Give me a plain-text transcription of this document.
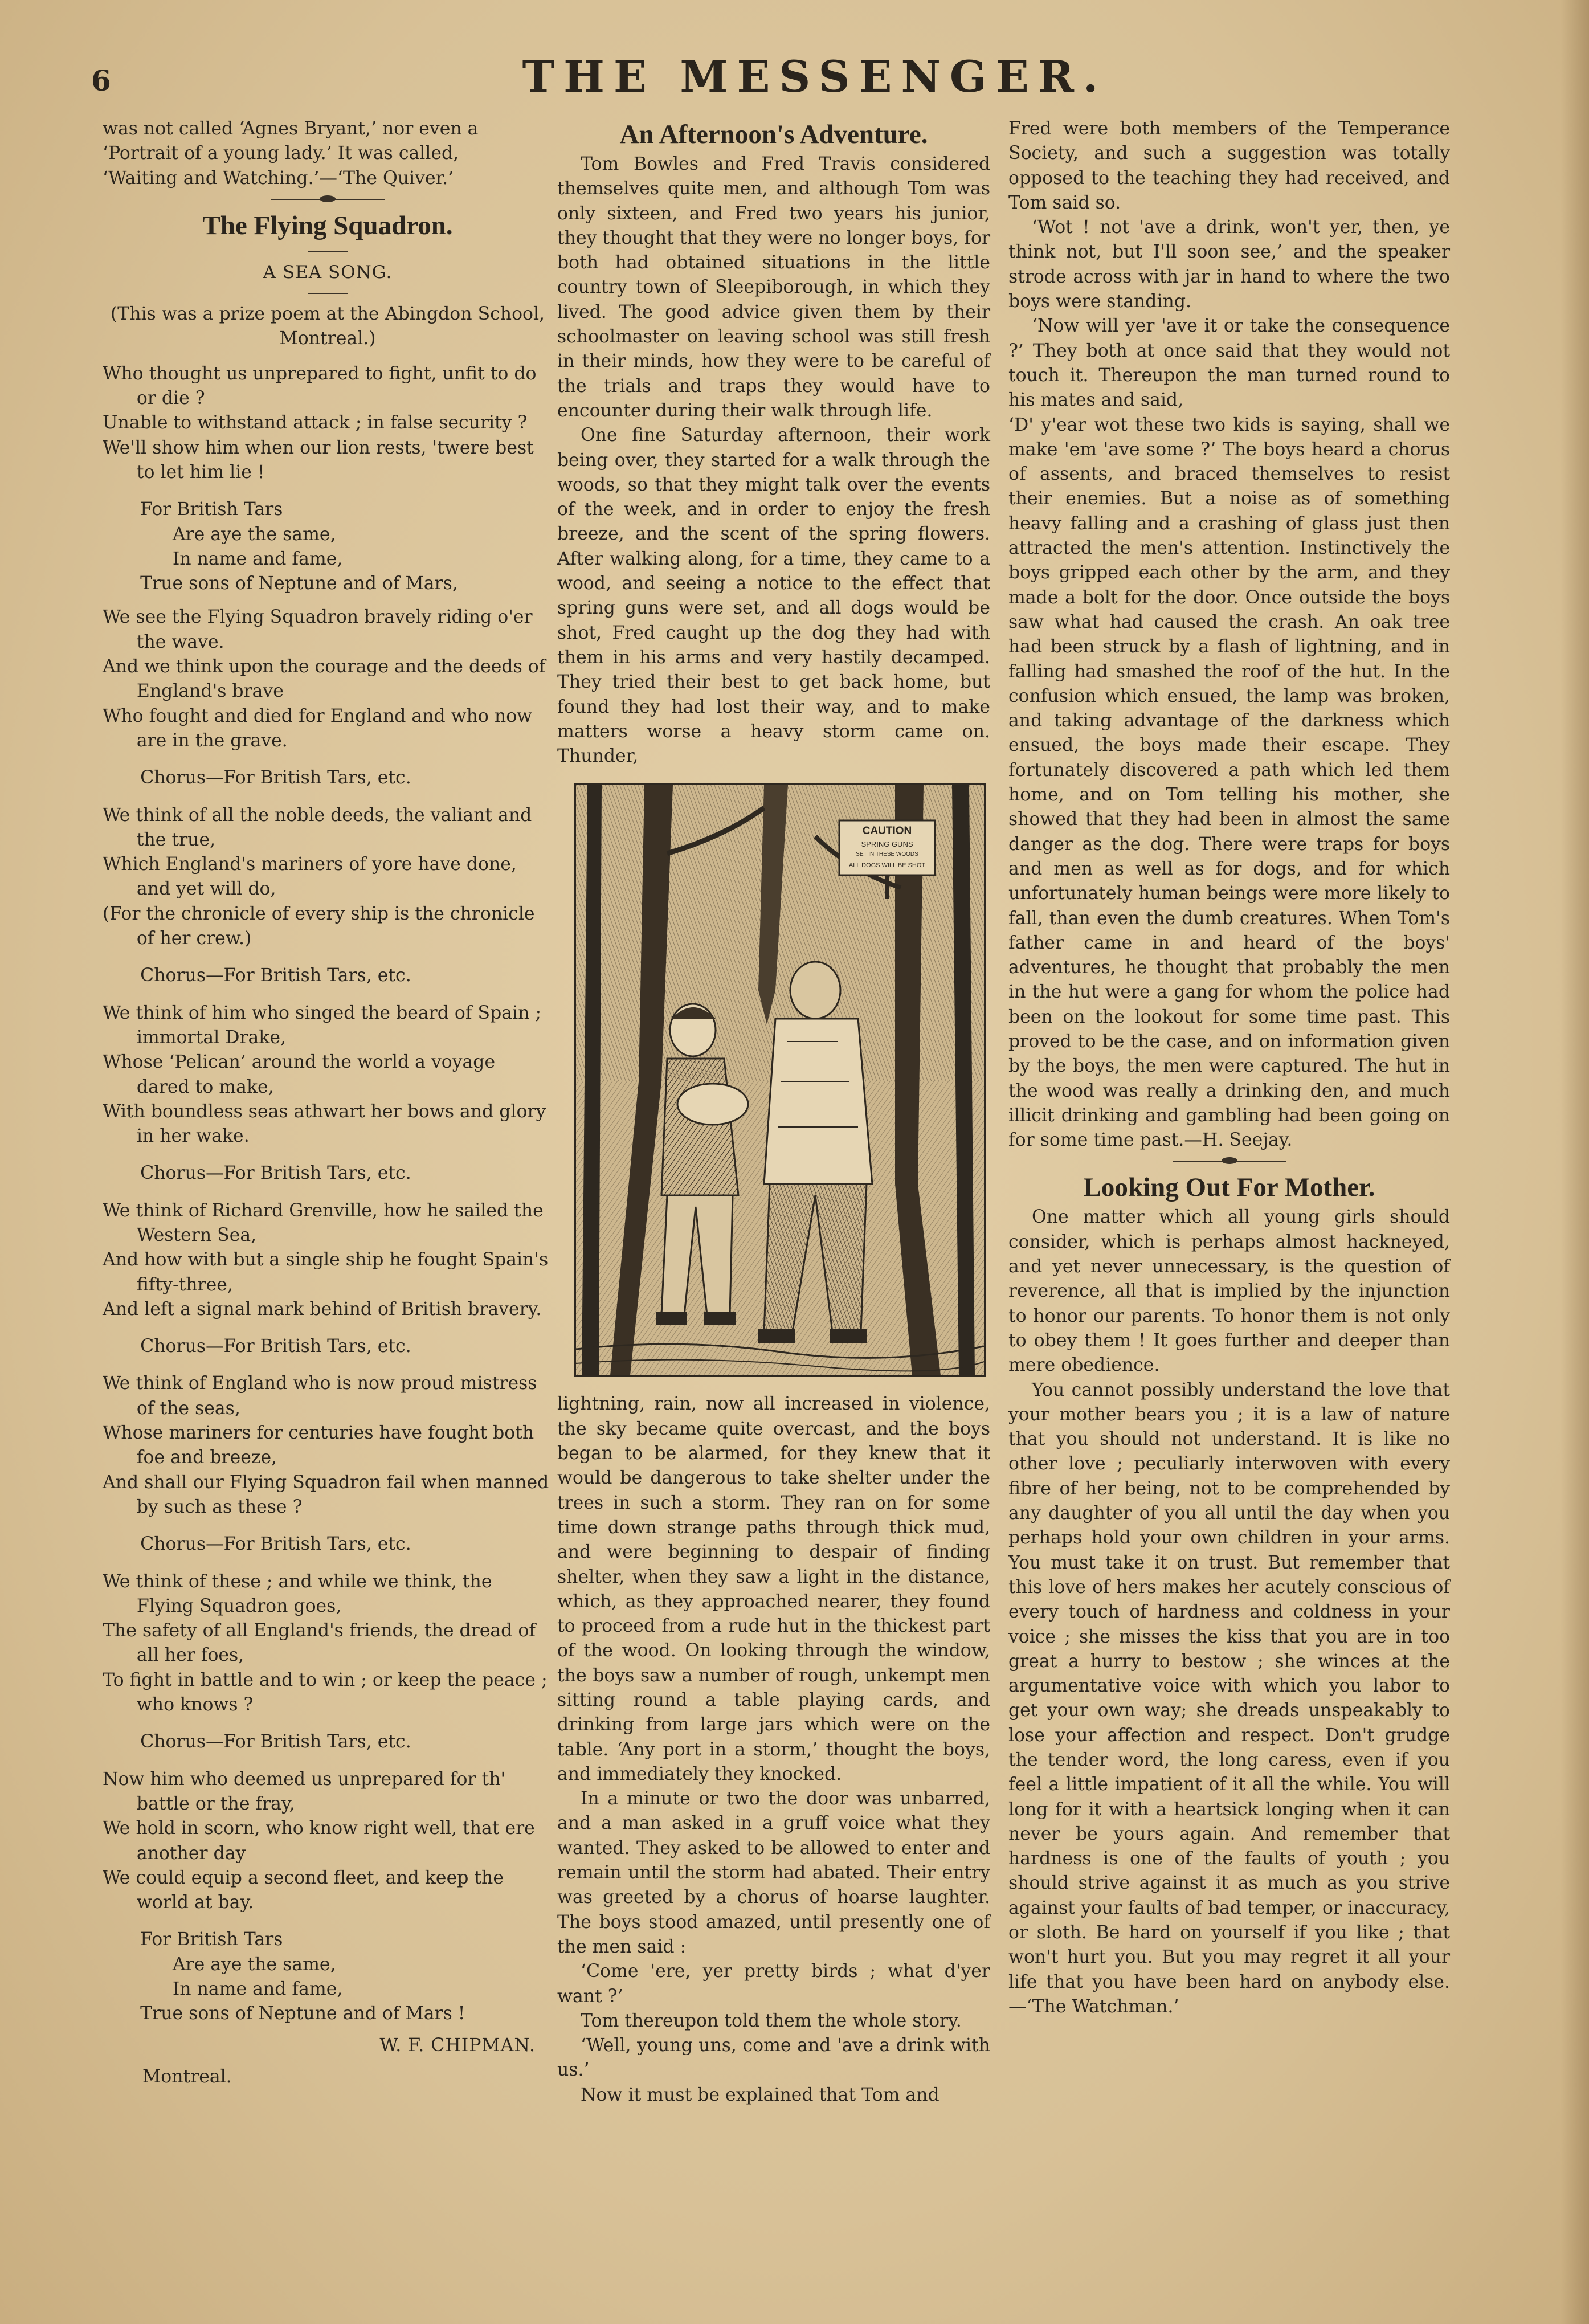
6	THE MESSENGER.

was not called ‘Agnes Bryant,’ nor even a

‘Portrait of a young lady.’ It was called,

‘Waiting and Watching.’—‘The Quiver.’

The Flying Squadron.
A SEA SONG.
(This was a prize poem at the Abingdon School, Montreal.)
Who thought us unprepared to fight, unfit to do or die ?
Unable to withstand attack ; in false security ?
We'll show him when our lion rests, 'twere best to let him lie !
For British Tars
Are aye the same,
In name and fame,
True sons of Neptune and of Mars,
We see the Flying Squadron bravely riding o'er the wave.
And we think upon the courage and the deeds of England's brave
Who fought and died for England and who now are in the grave.
Chorus—For British Tars, etc.
We think of all the noble deeds, the valiant and the true,
Which England's mariners of yore have done, and yet will do,
(For the chronicle of every ship is the chronicle of her crew.)
Chorus—For British Tars, etc.
We think of him who singed the beard of Spain ; immortal Drake,
Whose ‘Pelican’ around the world a voyage dared to make,
With boundless seas athwart her bows and glory in her wake.
Chorus—For British Tars, etc.
We think of Richard Grenville, how he sailed the Western Sea,
And how with but a single ship he fought Spain's fifty-three,
And left a signal mark behind of British bravery.
Chorus—For British Tars, etc.
We think of England who is now proud mistress of the seas,
Whose mariners for centuries have fought both foe and breeze,
And shall our Flying Squadron fail when manned by such as these ?
Chorus—For British Tars, etc.
We think of these ; and while we think, the Flying Squadron goes,
The safety of all England's friends, the dread of all her foes,
To fight in battle and to win ; or keep the peace ; who knows ?
Chorus—For British Tars, etc.
Now him who deemed us unprepared for th' battle or the fray,
We hold in scorn, who know right well, that ere another day
We could equip a second fleet, and keep the world at bay.
For British Tars
Are aye the same,
In name and fame,
True sons of Neptune and of Mars !
W. F. CHIPMAN.
Montreal.
An Afternoon's Adventure.

Tom Bowles and Fred Travis considered themselves quite men, and although Tom was only sixteen, and Fred two years his junior, they thought that they were no longer boys, for both had obtained situations in the little country town of Sleepiborough, in which they lived. The good advice given them by their schoolmaster on leaving school was still fresh in their minds, how they were to be careful of the trials and traps they would have to encounter during their walk through life.

One fine Saturday afternoon, their work being over, they started for a walk through the woods, so that they might talk over the events of the week, and in order to enjoy the fresh breeze, and the scent of the spring flowers. After walking along, for a time, they came to a wood, and seeing a notice to the effect that spring guns were set, and all dogs would be shot, Fred caught up the dog they had with them in his arms and very hastily decamped. They tried their best to get back home, but found they had lost their way, and to make matters worse a heavy storm came on. Thunder,

CAUTION
SPRING GUNS
SET IN THESE WOODS
ALL DOGS WILL BE SHOT

lightning, rain, now all increased in violence, the sky became quite overcast, and the boys began to be alarmed, for they knew that it would be dangerous to take shelter under the trees in such a storm. They ran on for some time down strange paths through thick mud, and were beginning to despair of finding shelter, when they saw a light in the distance, which, as they approached nearer, they found to proceed from a rude hut in the thickest part of the wood. On looking through the window, the boys saw a number of rough, unkempt men sitting round a table playing cards, and drinking from large jars which were on the table. ‘Any port in a storm,’ thought the boys, and immediately they knocked.

In a minute or two the door was unbarred, and a man asked in a gruff voice what they wanted. They asked to be allowed to enter and remain until the storm had abated. Their entry was greeted by a chorus of hoarse laughter. The boys stood amazed, until presently one of the men said :

‘Come 'ere, yer pretty birds ; what d'yer want ?’

Tom thereupon told them the whole story.

‘Well, young uns, come and 'ave a drink with us.’

Now it must be explained that Tom and

Fred were both members of the Temperance Society, and such a suggestion was totally opposed to the teaching they had received, and Tom said so.

‘Wot ! not 'ave a drink, won't yer, then, ye think not, but I'll soon see,’ and the speaker strode across with jar in hand to where the two boys were standing.

‘Now will yer 'ave it or take the consequence ?’ They both at once said that they would not touch it. Thereupon the man turned round to his mates and said,

‘D' y'ear wot these two kids is saying, shall we make 'em 'ave some ?’ The boys heard a chorus of assents, and braced themselves to resist their enemies. But a noise as of something heavy falling and a crashing of glass just then attracted the men's attention. Instinctively the boys gripped each other by the arm, and they made a bolt for the door. Once outside the boys saw what had caused the crash. An oak tree had been struck by a flash of lightning, and in falling had smashed the roof of the hut. In the confusion which ensued, the lamp was broken, and taking advantage of the darkness which ensued, the boys made their escape. They fortunately discovered a path which led them home, and on Tom telling his mother, she showed that they had been in almost the same danger as the dog. There were traps for boys and men as well as for dogs, and for which unfortunately human beings were more likely to fall, than even the dumb creatures. When Tom's father came in and heard of the boys' adventures, he thought that probably the men in the hut were a gang for whom the police had been on the lookout for some time past. This proved to be the case, and on information given by the boys, the men were captured. The hut in the wood was really a drinking den, and much illicit drinking and gambling had been going on for some time past.—H. Seejay.

Looking Out For Mother.

One matter which all young girls should consider, which is perhaps almost hackneyed, and yet never unnecessary, is the question of reverence, all that is implied by the injunction to honor our parents. To honor them is not only to obey them ! It goes further and deeper than mere obedience.

You cannot possibly understand the love that your mother bears you ; it is a law of nature that you should not understand. It is like no other love ; peculiarly interwoven with every fibre of her being, not to be comprehended by any daughter of you all until the day when you perhaps hold your own children in your arms. You must take it on trust. But remember that this love of hers makes her acutely conscious of every touch of hardness and coldness in your voice ; she misses the kiss that you are in too great a hurry to bestow ; she winces at the argumentative voice with which you labor to get your own way; she dreads unspeakably to lose your affection and respect. Don't grudge the tender word, the long caress, even if you feel a little impatient of it all the while. You will long for it with a heartsick longing when it can never be yours again. And remember that hardness is one of the faults of youth ; you should strive against it as much as you strive against your faults of bad temper, or inaccuracy, or sloth. Be hard on yourself if you like ; that won't hurt you. But you may regret it all your life that you have been hard on anybody else.—‘The Watchman.’
